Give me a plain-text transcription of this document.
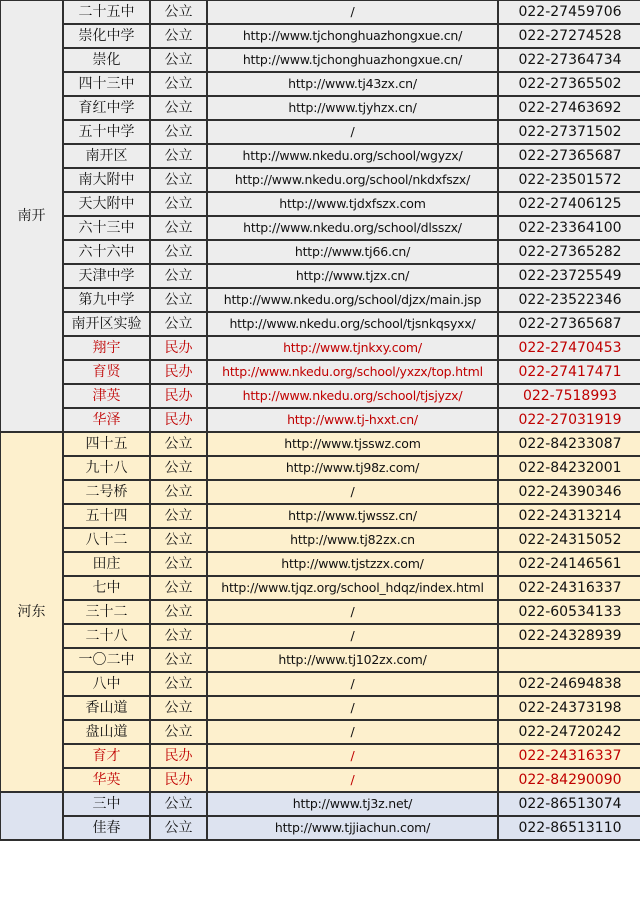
南开	二十五中	公立	/	022-27459706
	崇化中学	公立	http://www.tjchonghuazhongxue.cn/	022-27274528
	崇化	公立	http://www.tjchonghuazhongxue.cn/	022-27364734
	四十三中	公立	http://www.tj43zx.cn/	022-27365502
	育红中学	公立	http://www.tjyhzx.cn/	022-27463692
	五十中学	公立	/	022-27371502
	南开区	公立	http://www.nkedu.org/school/wgyzx/	022-27365687
	南大附中	公立	http://www.nkedu.org/school/nkdxfszx/	022-23501572
	天大附中	公立	http://www.tjdxfszx.com	022-27406125
	六十三中	公立	http://www.nkedu.org/school/dlsszx/	022-23364100
	六十六中	公立	http://www.tj66.cn/	022-27365282
	天津中学	公立	http://www.tjzx.cn/	022-23725549
	第九中学	公立	http://www.nkedu.org/school/djzx/main.jsp	022-23522346
	南开区实验	公立	http://www.nkedu.org/school/tjsnkqsyxx/	022-27365687
	翔宇	民办	http://www.tjnkxy.com/	022-27470453
	育贤	民办	http://www.nkedu.org/school/yxzx/top.html	022-27417471
	津英	民办	http://www.nkedu.org/school/tjsjyzx/	022-7518993
	华泽	民办	http://www.tj-hxxt.cn/	022-27031919
河东	四十五	公立	http://www.tjsswz.com	022-84233087
	九十八	公立	http://www.tj98z.com/	022-84232001
	二号桥	公立	/	022-24390346
	五十四	公立	http://www.tjwssz.cn/	022-24313214
	八十二	公立	http://www.tj82zx.cn	022-24315052
	田庄	公立	http://www.tjstzzx.com/	022-24146561
	七中	公立	http://www.tjqz.org/school_hdqz/index.html	022-24316337
	三十二	公立	/	022-60534133
	二十八	公立	/	022-24328939
	一〇二中	公立	http://www.tj102zx.com/	
	八中	公立	/	022-24694838
	香山道	公立	/	022-24373198
	盘山道	公立	/	022-24720242
	育才	民办	/	022-24316337
	华英	民办	/	022-84290090
	三中	公立	http://www.tj3z.net/	022-86513074
	佳春	公立	http://www.tjjiachun.com/	022-86513110
